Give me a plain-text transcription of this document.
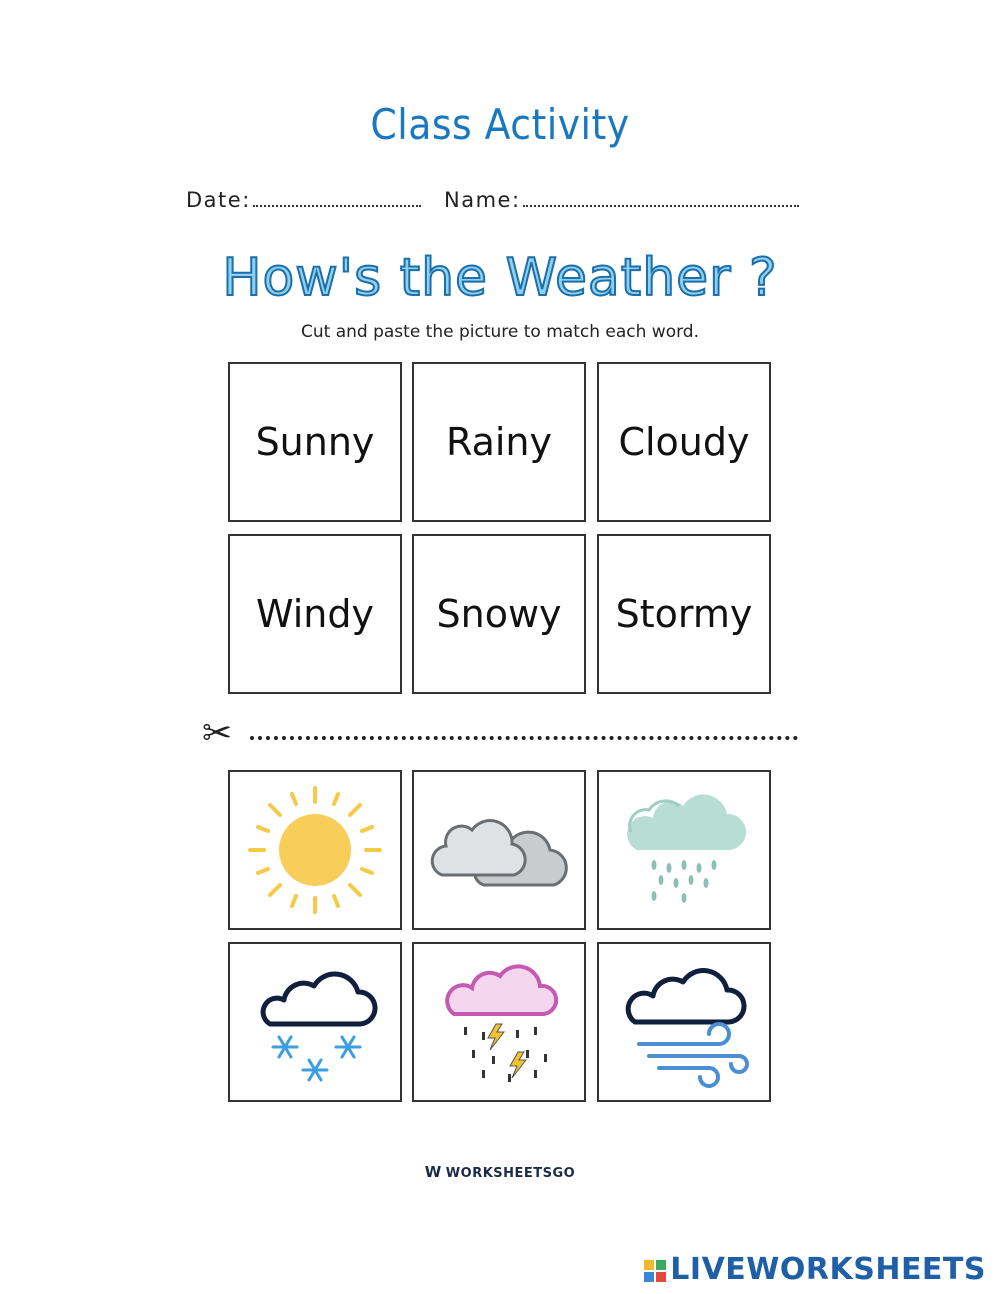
Class Activity
Date:	Name:
How's the Weather ?
Cut and paste the picture to match each word.
Sunny Rainy Cloudy
Windy Snowy Stormy
✂
W WORKSHEETSGO
LIVEWORKSHEETS
